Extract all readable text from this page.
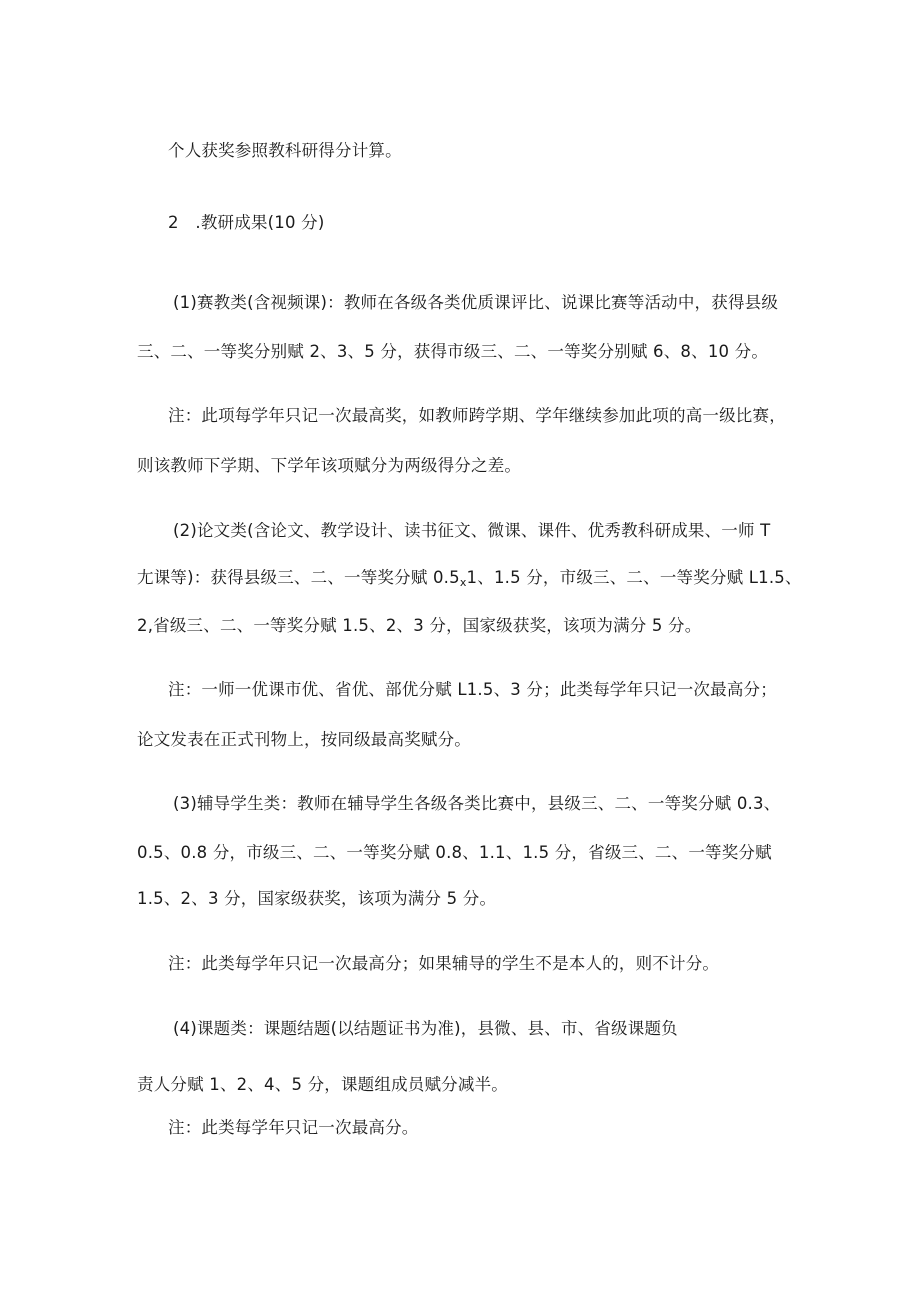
个人获奖参照教科研得分计算。
2　.教研成果(10 分)
(1)赛教类(含视频课)：教师在各级各类优质课评比、说课比赛等活动中，获得县级
三、二、一等奖分别赋 2、3、5 分，获得市级三、二、一等奖分别赋 6、8、10 分。
注：此项每学年只记一次最高奖，如教师跨学期、学年继续参加此项的高一级比赛，
则该教师下学期、下学年该项赋分为两级得分之差。
(2)论文类(含论文、教学设计、读书征文、微课、课件、优秀教科研成果、一师 T
尢课等)：获得县级三、二、一等奖分赋 $0.5_x1$、1.5 分，市级三、二、一等奖分赋 L1.5、
2,省级三、二、一等奖分赋 1.5、2、3 分，国家级获奖，该项为满分 5 分。
注：一师一优课市优、省优、部优分赋 L1.5、3 分；此类每学年只记一次最高分；
论文发表在正式刊物上，按同级最高奖赋分。
(3)辅导学生类：教师在辅导学生各级各类比赛中，县级三、二、一等奖分赋 0.3、
0.5、0.8 分，市级三、二、一等奖分赋 0.8、1.1、1.5 分，省级三、二、一等奖分赋
1.5、2、3 分，国家级获奖，该项为满分 5 分。
注：此类每学年只记一次最高分；如果辅导的学生不是本人的，则不计分。
(4)课题类：课题结题(以结题证书为准)，县微、县、市、省级课题负
责人分赋 1、2、4、5 分，课题组成员赋分减半。
注：此类每学年只记一次最高分。
